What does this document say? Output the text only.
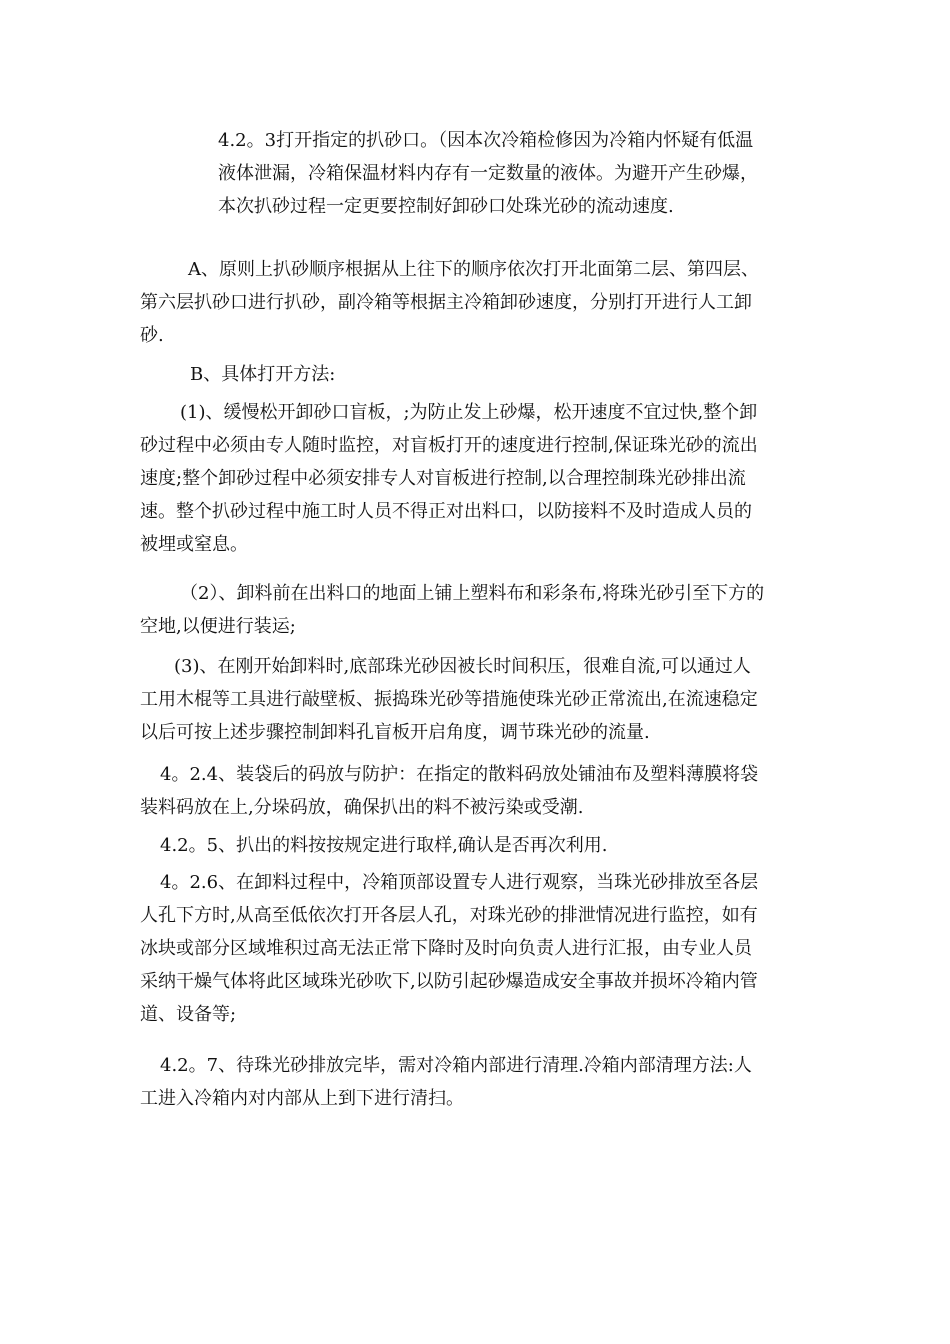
4.2。3打开指定的扒砂口。（因本次冷箱检修因为冷箱内怀疑有低温
液体泄漏，冷箱保温材料内存有一定数量的液体。为避开产生砂爆，
本次扒砂过程一定更要控制好卸砂口处珠光砂的流动速度.
A、原则上扒砂顺序根据从上往下的顺序依次打开北面第二层、第四层、
第六层扒砂口进行扒砂，副冷箱等根据主冷箱卸砂速度，分别打开进行人工卸
砂.
B、具体打开方法:
(1)、缓慢松开卸砂口盲板，;为防止发上砂爆，松开速度不宜过快,整个卸
砂过程中必须由专人随时监控，对盲板打开的速度进行控制,保证珠光砂的流出
速度;整个卸砂过程中必须安排专人对盲板进行控制,以合理控制珠光砂排出流
速。整个扒砂过程中施工时人员不得正对出料口，以防接料不及时造成人员的
被埋或窒息。
（2）、卸料前在出料口的地面上铺上塑料布和彩条布,将珠光砂引至下方的
空地,以便进行装运;
(3)、在刚开始卸料时,底部珠光砂因被长时间积压，很难自流,可以通过人
工用木棍等工具进行敲壁板、振捣珠光砂等措施使珠光砂正常流出,在流速稳定
以后可按上述步骤控制卸料孔盲板开启角度，调节珠光砂的流量.
4。2.4、装袋后的码放与防护：在指定的散料码放处铺油布及塑料薄膜将袋
装料码放在上,分垛码放，确保扒出的料不被污染或受潮.
4.2。5、扒出的料按按规定进行取样,确认是否再次利用.
4。2.6、在卸料过程中，冷箱顶部设置专人进行观察，当珠光砂排放至各层
人孔下方时,从高至低依次打开各层人孔，对珠光砂的排泄情况进行监控，如有
冰块或部分区域堆积过高无法正常下降时及时向负责人进行汇报，由专业人员
采纳干燥气体将此区域珠光砂吹下,以防引起砂爆造成安全事故并损坏冷箱内管
道、设备等;
4.2。7、待珠光砂排放完毕，需对冷箱内部进行清理.冷箱内部清理方法:人
工进入冷箱内对内部从上到下进行清扫。
